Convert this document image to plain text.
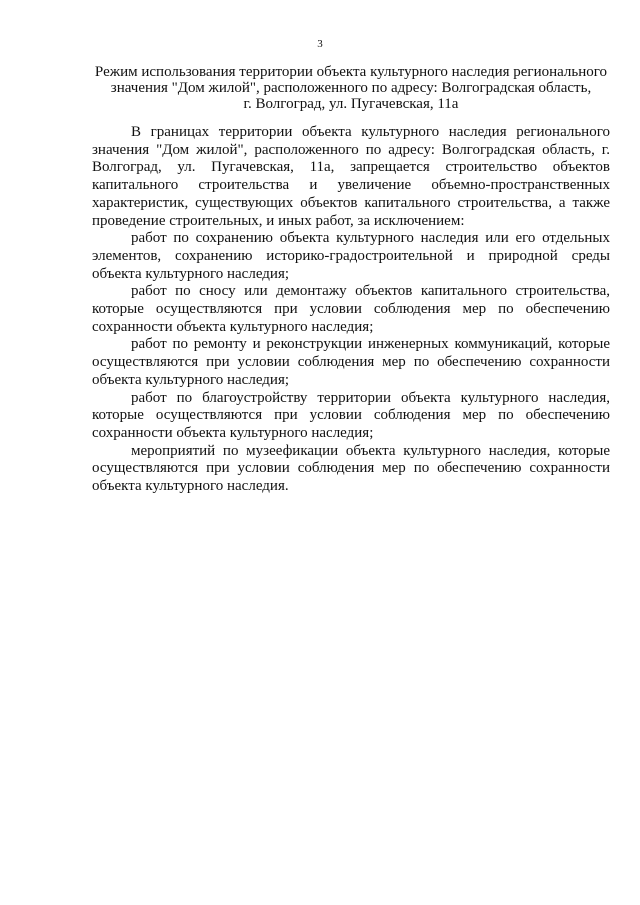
3
Режим использования территории объекта культурного наследия регионального
значения "Дом жилой", расположенного по адресу: Волгоградская область,
г. Волгоград, ул. Пугачевская, 11а

В границах территории объекта культурного наследия регионального значения "Дом жилой", расположенного по адресу: Волгоградская область, г. Волгоград, ул. Пугачевская, 11а, запрещается строительство объектов капитального строительства и увеличение объемно-пространственных характеристик, существующих объектов капитального строительства, а также проведение строительных, и иных работ, за исключением:

работ по сохранению объекта культурного наследия или его отдельных элементов, сохранению историко-градостроительной и природной среды объекта культурного наследия;

работ по сносу или демонтажу объектов капитального строительства, которые осуществляются при условии соблюдения мер по обеспечению сохранности объекта культурного наследия;

работ по ремонту и реконструкции инженерных коммуникаций, которые осуществляются при условии соблюдения мер по обеспечению сохранности объекта культурного наследия;

работ по благоустройству территории объекта культурного наследия, которые осуществляются при условии соблюдения мер по обеспечению сохранности объекта культурного наследия;

мероприятий по музеефикации объекта культурного наследия, которые осуществляются при условии соблюдения мер по обеспечению сохранности объекта культурного наследия.
